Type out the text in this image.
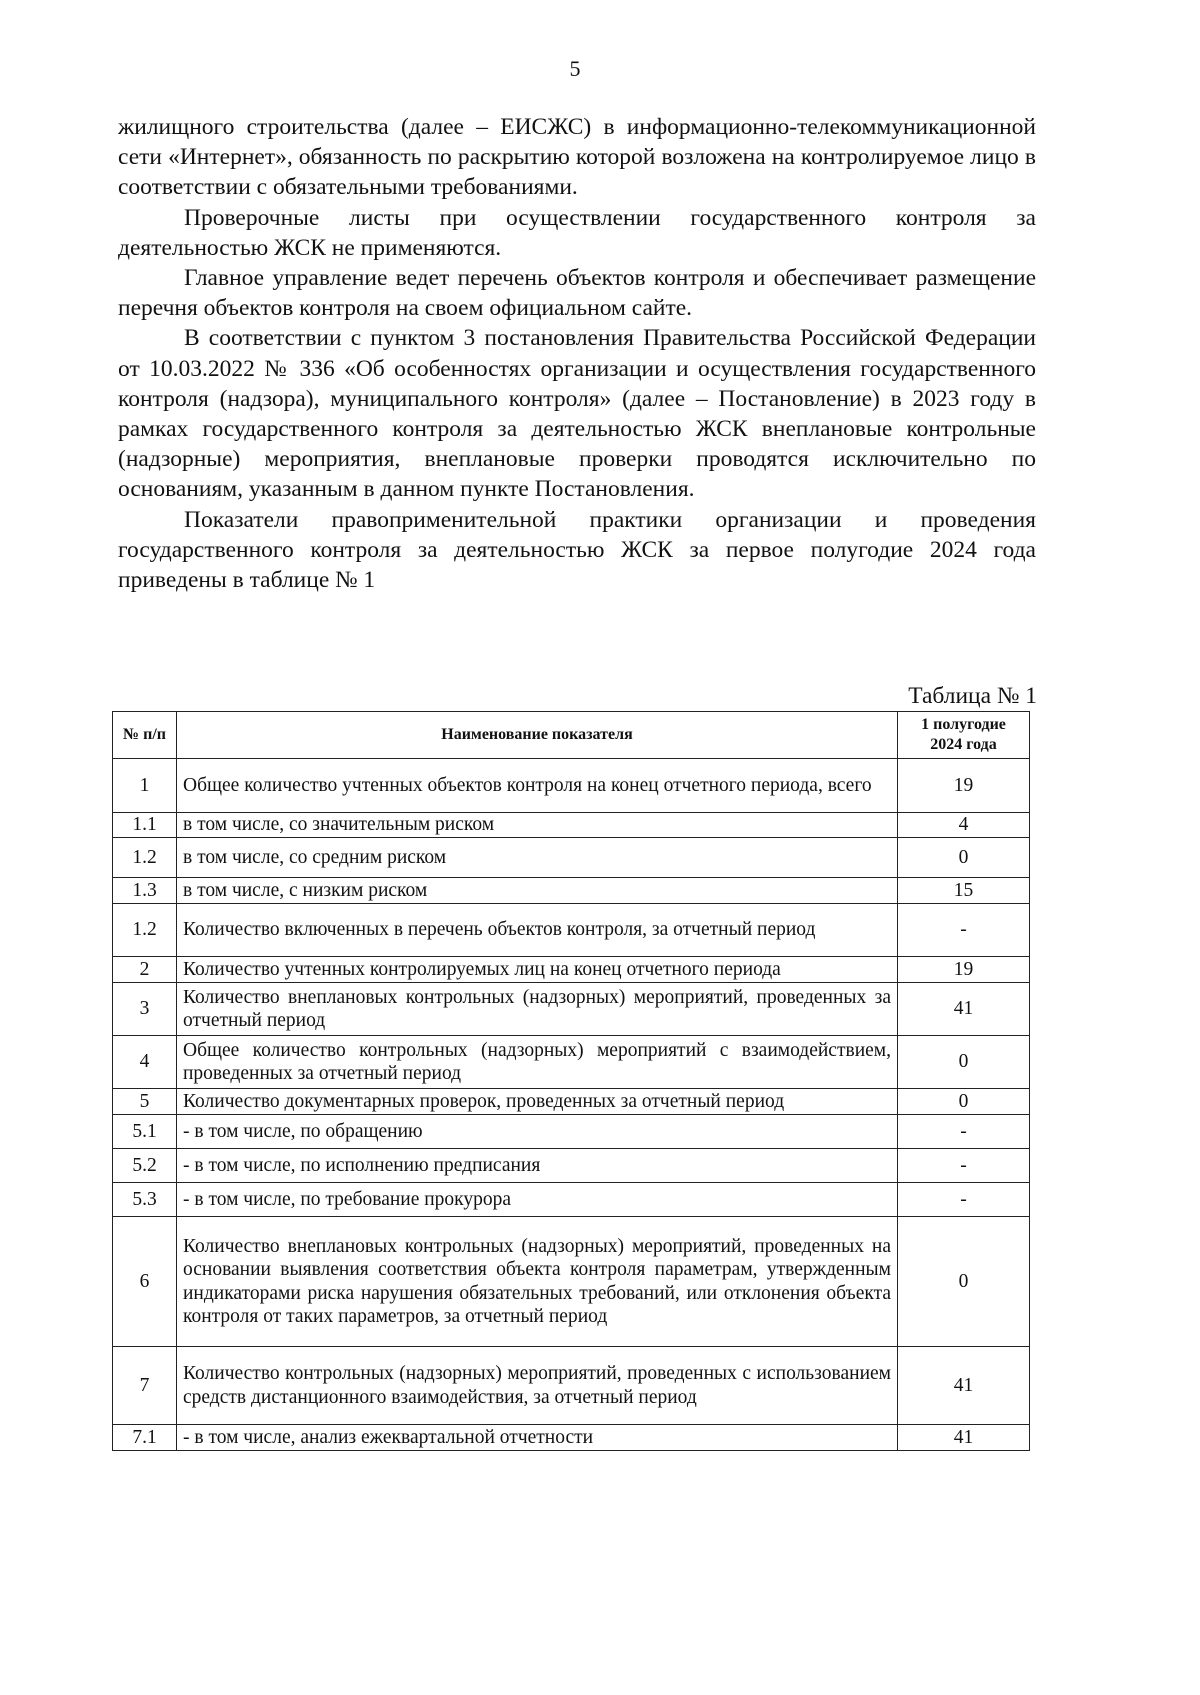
5

жилищного строительства (далее – ЕИСЖС) в информационно-телекоммуникационной сети «Интернет», обязанность по раскрытию которой возложена на контролируемое лицо в соответствии с обязательными требованиями.

Проверочные листы при осуществлении государственного контроля за деятельностью ЖСК не применяются.

Главное управление ведет перечень объектов контроля и обеспечивает размещение перечня объектов контроля на своем официальном сайте.

В соответствии с пунктом 3 постановления Правительства Российской Федерации от 10.03.2022 № 336 «Об особенностях организации и осуществления государственного контроля (надзора), муниципального контроля» (далее – Постановление) в 2023 году в рамках государственного контроля за деятельностью ЖСК внеплановые контрольные (надзорные) мероприятия, внеплановые проверки проводятся исключительно по основаниям, указанным в данном пункте Постановления.

Показатели правоприменительной практики организации и проведения государственного контроля за деятельностью ЖСК за первое полугодие 2024 года приведены в таблице № 1

Таблица № 1
№ п/п	Наименование показателя	1 полугодие 2024 года
1	Общее количество учтенных объектов контроля на конец отчетного периода, всего	19
1.1	в том числе, со значительным риском	4
1.2	в том числе, со средним риском	0
1.3	в том числе, с низким риском	15
1.2	Количество включенных в перечень объектов контроля, за отчетный период	-
2	Количество учтенных контролируемых лиц на конец отчетного периода	19
3	Количество внеплановых контрольных (надзорных) мероприятий, проведенных за отчетный период	41
4	Общее количество контрольных (надзорных) мероприятий с взаимодействием, проведенных за отчетный период	0
5	Количество документарных проверок, проведенных за отчетный период	0
5.1	- в том числе, по обращению	-
5.2	- в том числе, по исполнению предписания	-
5.3	- в том числе, по требование прокурора	-
6	Количество внеплановых контрольных (надзорных) мероприятий, проведенных на основании выявления соответствия объекта контроля параметрам, утвержденным индикаторами риска нарушения обязательных требований, или отклонения объекта контроля от таких параметров, за отчетный период	0
7	Количество контрольных (надзорных) мероприятий, проведенных с использованием средств дистанционного взаимодействия, за отчетный период	41
7.1	- в том числе, анализ ежеквартальной отчетности	41
